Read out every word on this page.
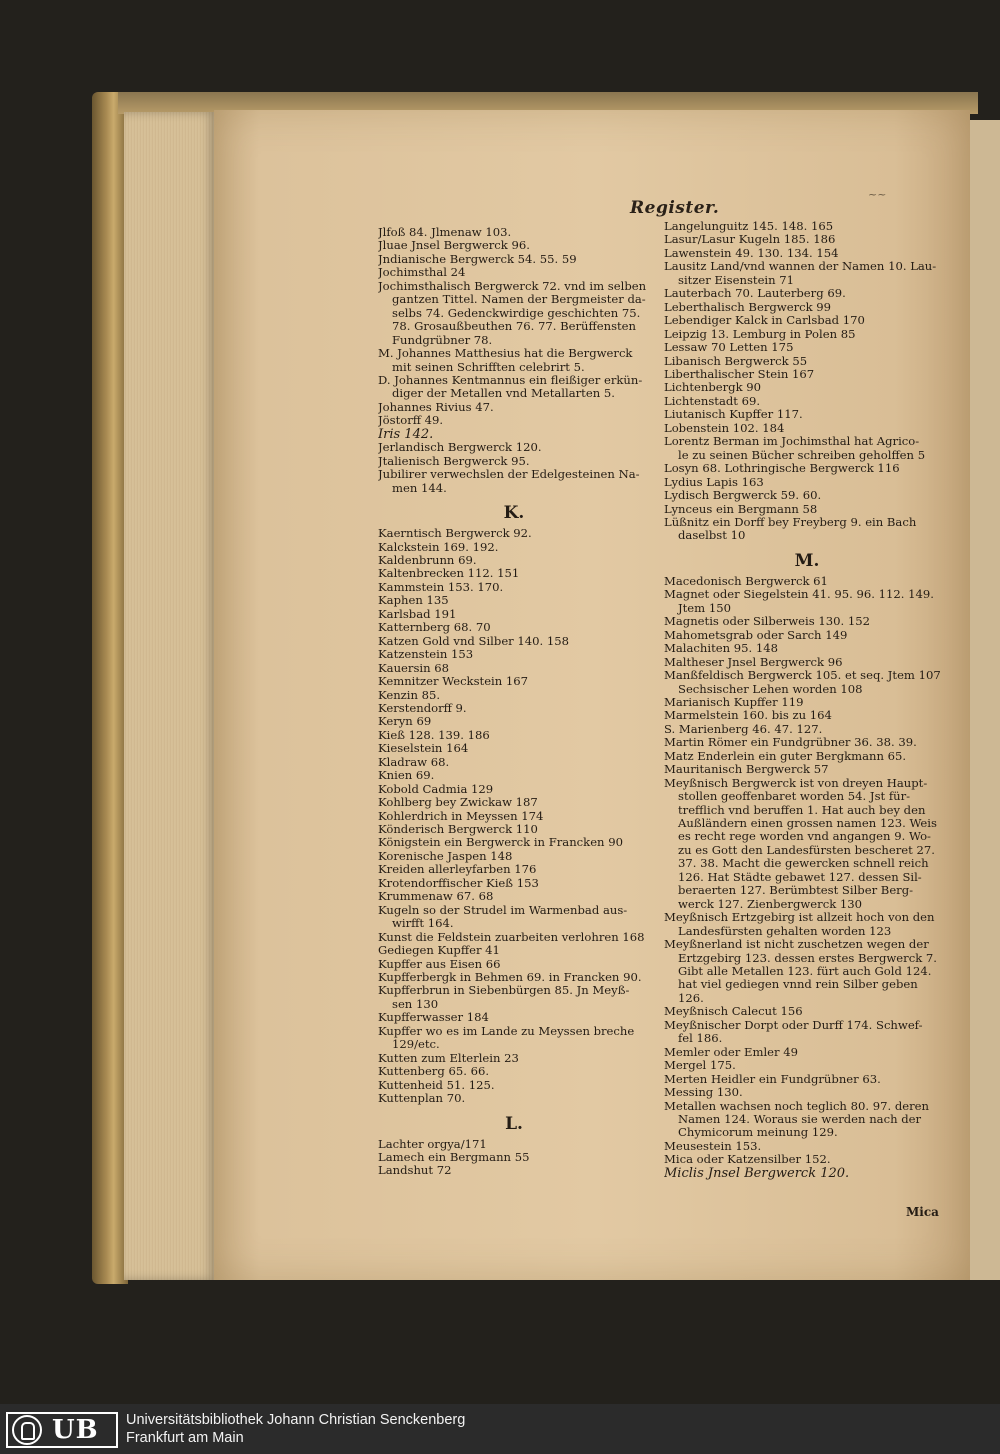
~~
Register.
Jlfoß 84. Jlmenaw 103.
Jluae Jnsel Bergwerck 96.
Jndianische Bergwerck 54. 55. 59
Jochimsthal 24
Jochimsthalisch Bergwerck 72. vnd im selben
gantzen Tittel. Namen der Bergmeister da-
selbs 74. Gedenckwirdige geschichten 75.
78. Grosaußbeuthen 76. 77. Berüffensten
Fundgrübner 78.
M. Johannes Matthesius hat die Bergwerck
mit seinen Schrifften celebrirt 5.
D. Johannes Kentmannus ein fleißiger erkün-
diger der Metallen vnd Metallarten 5.
Johannes Rivius 47.
Jöstorff 49.
Iris 142.
Jerlandisch Bergwerck 120.
Jtalienisch Bergwerck 95.
Jubilirer verwechslen der Edelgesteinen Na-
men 144.
K.
Kaerntisch Bergwerck 92.
Kalckstein 169. 192.
Kaldenbrunn 69.
Kaltenbrecken 112. 151
Kammstein 153. 170.
Kaphen 135
Karlsbad 191
Katternberg 68. 70
Katzen Gold vnd Silber 140. 158
Katzenstein 153
Kauersin 68
Kemnitzer Weckstein 167
Kenzin 85.
Kerstendorff 9.
Keryn 69
Kieß 128. 139. 186
Kieselstein 164
Kladraw 68.
Knien 69.
Kobold Cadmia 129
Kohlberg bey Zwickaw 187
Kohlerdrich in Meyssen 174
Könderisch Bergwerck 110
Königstein ein Bergwerck in Francken 90
Korenische Jaspen 148
Kreiden allerleyfarben 176
Krotendorffischer Kieß 153
Krummenaw 67. 68
Kugeln so der Strudel im Warmenbad aus-
wirfft 164.
Kunst die Feldstein zuarbeiten verlohren 168
Gediegen Kupffer 41
Kupffer aus Eisen 66
Kupfferbergk in Behmen 69. in Francken 90.
Kupfferbrun in Siebenbürgen 85. Jn Meyß-
sen 130
Kupfferwasser 184
Kupffer wo es im Lande zu Meyssen breche
129/etc.
Kutten zum Elterlein 23
Kuttenberg 65. 66.
Kuttenheid 51. 125.
Kuttenplan 70.
L.
Lachter orgya/171
Lamech ein Bergmann 55
Landshut 72
Langelunguitz 145. 148. 165
Lasur/Lasur Kugeln 185. 186
Lawenstein 49. 130. 134. 154
Lausitz Land/vnd wannen der Namen 10. Lau-
sitzer Eisenstein 71
Lauterbach 70. Lauterberg 69.
Leberthalisch Bergwerck 99
Lebendiger Kalck in Carlsbad 170
Leipzig 13. Lemburg in Polen 85
Lessaw 70 Letten 175
Libanisch Bergwerck 55
Liberthalischer Stein 167
Lichtenbergk 90
Lichtenstadt 69.
Liutanisch Kupffer 117.
Lobenstein 102. 184
Lorentz Berman im Jochimsthal hat Agrico-
le zu seinen Bücher schreiben geholffen 5
Losyn 68. Lothringische Bergwerck 116
Lydius Lapis 163
Lydisch Bergwerck 59. 60.
Lynceus ein Bergmann 58
Lüßnitz ein Dorff bey Freyberg 9. ein Bach
daselbst 10
M.
Macedonisch Bergwerck 61
Magnet oder Siegelstein 41. 95. 96. 112. 149.
Jtem 150
Magnetis oder Silberweis 130. 152
Mahometsgrab oder Sarch 149
Malachiten 95. 148
Maltheser Jnsel Bergwerck 96
Manßfeldisch Bergwerck 105. et seq. Jtem 107
Sechsischer Lehen worden 108
Marianisch Kupffer 119
Marmelstein 160. bis zu 164
S. Marienberg 46. 47. 127.
Martin Römer ein Fundgrübner 36. 38. 39.
Matz Enderlein ein guter Bergkmann 65.
Mauritanisch Bergwerck 57
Meyßnisch Bergwerck ist von dreyen Haupt-
stollen geoffenbaret worden 54. Jst für-
trefflich vnd beruffen 1. Hat auch bey den
Außländern einen grossen namen 123. Weis
es recht rege worden vnd angangen 9. Wo-
zu es Gott den Landesfürsten bescheret 27.
37. 38. Macht die gewercken schnell reich
126. Hat Städte gebawet 127. dessen Sil-
beraerten 127. Berümbtest Silber Berg-
werck 127. Zienbergwerck 130
Meyßnisch Ertzgebirg ist allzeit hoch von den
Landesfürsten gehalten worden 123
Meyßnerland ist nicht zuschetzen wegen der
Ertzgebirg 123. dessen erstes Bergwerck 7.
Gibt alle Metallen 123. fürt auch Gold 124.
hat viel gediegen vnnd rein Silber geben
126.
Meyßnisch Calecut 156
Meyßnischer Dorpt oder Durff 174. Schwef-
fel 186.
Memler oder Emler 49
Mergel 175.
Merten Heidler ein Fundgrübner 63.
Messing 130.
Metallen wachsen noch teglich 80. 97. deren
Namen 124. Woraus sie werden nach der
Chymicorum meinung 129.
Meusestein 153.
Mica oder Katzensilber 152.
Miclis Jnsel Bergwerck 120.
Mica
UB Universitätsbibliothek Johann Christian Senckenberg
Frankfurt am Main
